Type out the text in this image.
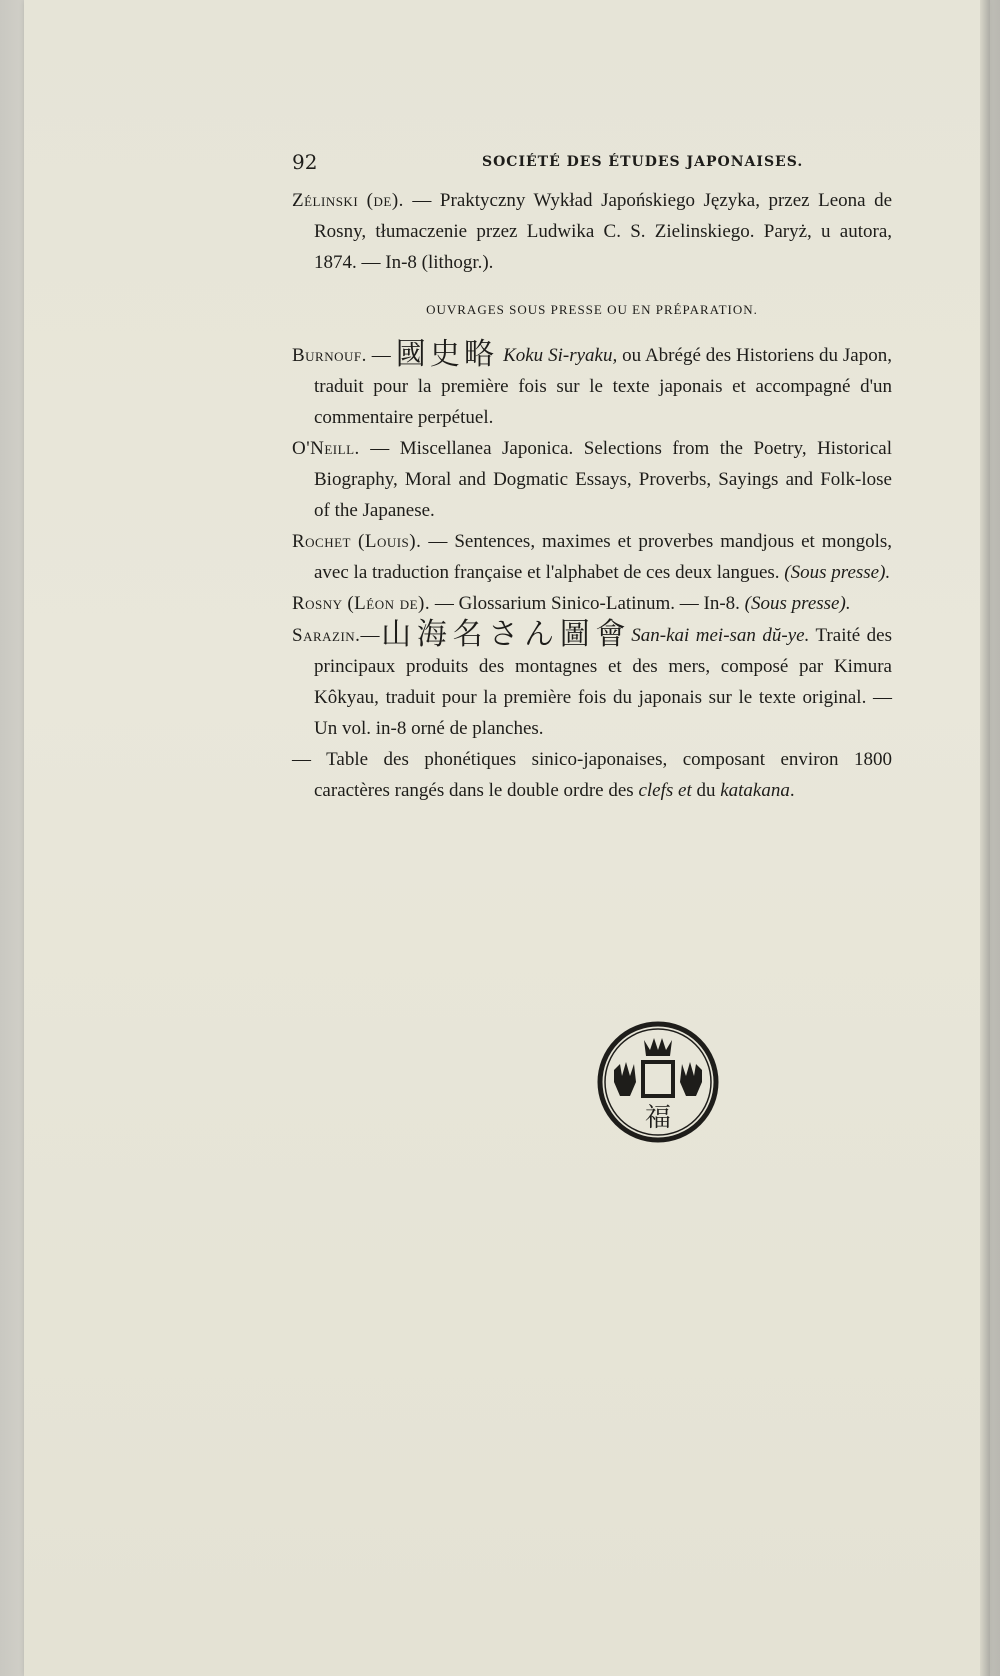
92	SOCIÉTÉ DES ÉTUDES JAPONAISES.

Zélinski (de). — Praktyczny Wykład Japońskiego Języka, przez Leona de Rosny, tłumaczenie przez Ludwika C. S. Zielinskiego. Paryż, u autora, 1874. — In-8 (lithogr.).

OUVRAGES SOUS PRESSE OU EN PRÉPARATION.

Burnouf. — 國史略 Koku Si-ryaku, ou Abrégé des Historiens du Japon, traduit pour la première fois sur le texte japonais et accompagné d'un commentaire perpétuel.

O'Neill. — Miscellanea Japonica. Selections from the Poetry, Historical Biography, Moral and Dogmatic Essays, Proverbs, Sayings and Folk-lose of the Japanese.

Rochet (Louis). — Sentences, maximes et proverbes mandjous et mongols, avec la traduction française et l'alphabet de ces deux langues. (Sous presse).

Rosny (Léon de). — Glossarium Sinico-Latinum. — In-8. (Sous presse).

Sarazin.—山海名さん圖會San-kai mei-san dŭ-ye. Traité des principaux produits des montagnes et des mers, composé par Kimura Kôkyau, traduit pour la première fois du japonais sur le texte original. — Un vol. in-8 orné de planches.

— Table des phonétiques sinico-japonaises, composant environ 1800 caractères rangés dans le double ordre des clefs et du katakana.

福
